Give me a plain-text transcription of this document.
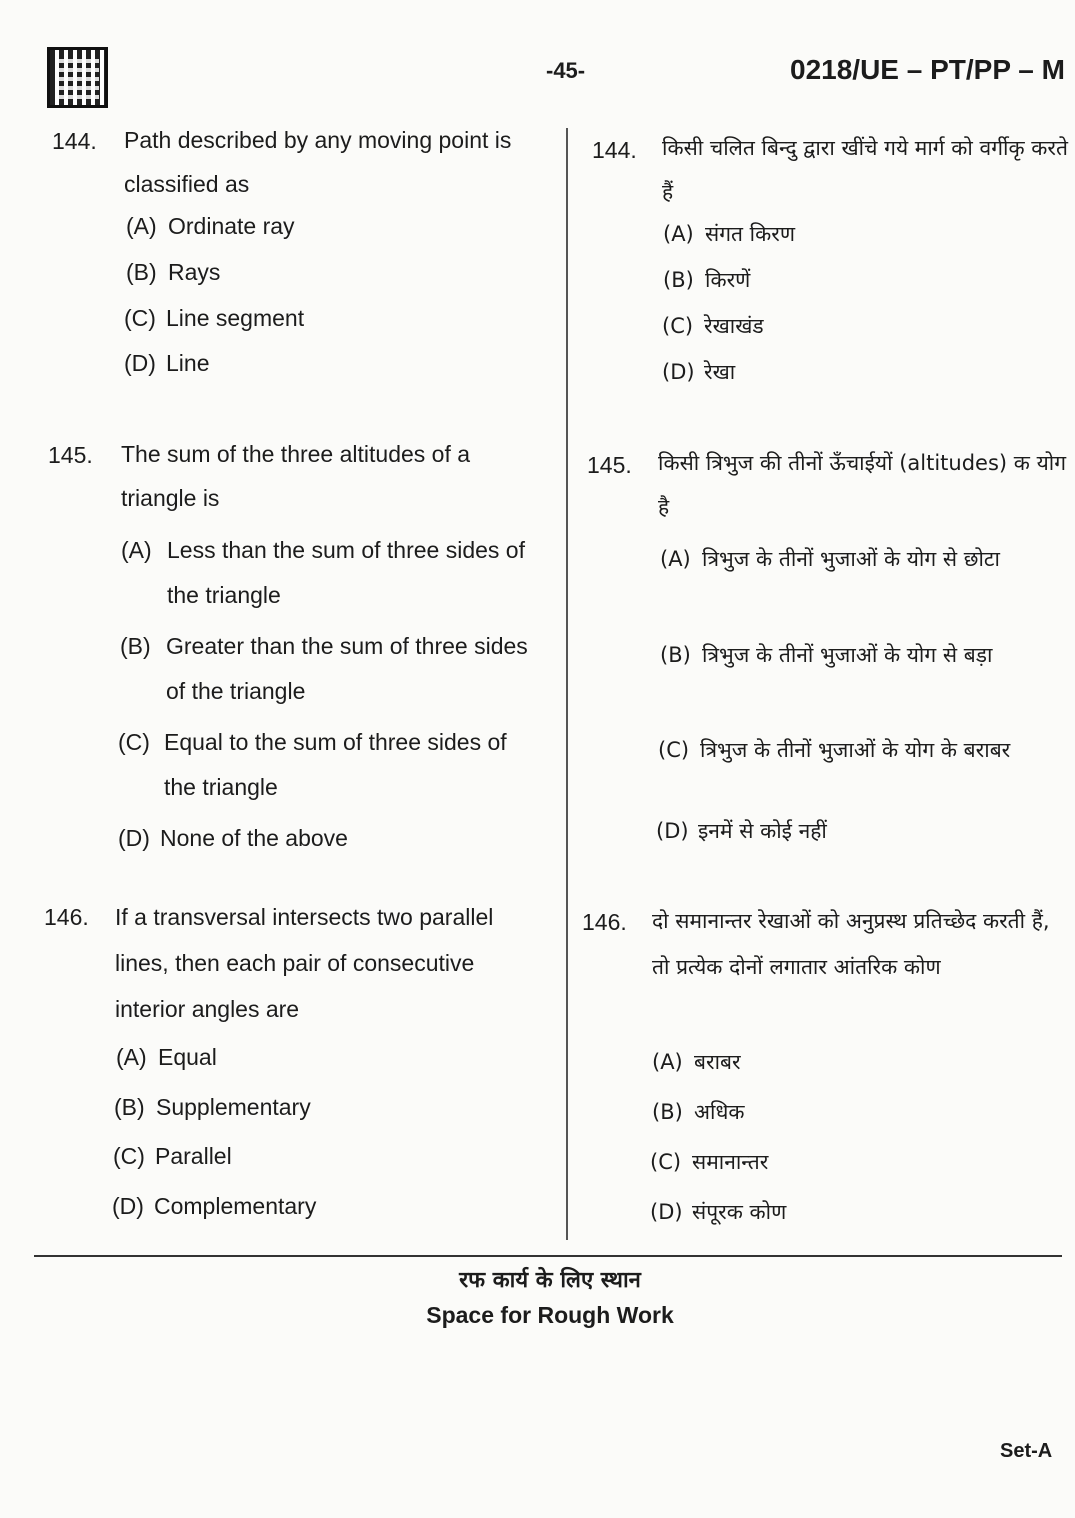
-45-	0218/UE – PT/PP – M
144. Path described by any moving point is classified as
(A) Ordinate ray
(B) Rays
(C) Line segment
(D) Line
145. The sum of the three altitudes of a triangle is
(A) Less than the sum of three sides of the triangle
(B) Greater than the sum of three sides of the triangle
(C) Equal to the sum of three sides of the triangle
(D) None of the above
146. If a transversal intersects two parallel lines, then each pair of consecutive interior angles are
(A) Equal
(B) Supplementary
(C) Parallel
(D) Complementary
144. किसी चलित बिन्दु द्वारा खींचे गये मार्ग को वर्गीकृ करते हैं
(A) संगत किरण
(B) किरणें
(C) रेखाखंड
(D) रेखा
145. किसी त्रिभुज की तीनों ऊँचाईयों (altitudes) क योग है
(A) त्रिभुज के तीनों भुजाओं के योग से छोटा
(B) त्रिभुज के तीनों भुजाओं के योग से बड़ा
(C) त्रिभुज के तीनों भुजाओं के योग के बराबर
(D) इनमें से कोई नहीं
146. दो समानान्तर रेखाओं को अनुप्रस्थ प्रतिच्छेद करती हैं, तो प्रत्येक दोनों लगातार आंतरिक कोण
(A) बराबर
(B) अधिक
(C) समानान्तर
(D) संपूरक कोण
रफ कार्य के लिए स्थान
Space for Rough Work
Set-A
